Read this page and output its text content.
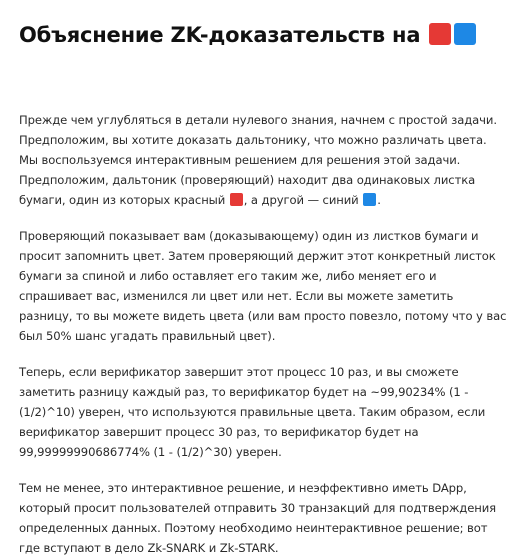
Объяснение ZK-доказательств на

Прежде чем углубляться в детали нулевого знания, начнем с простой задачи. Предположим, вы хотите доказать дальтонику, что можно различать цвета. Мы воспользуемся интерактивным решением для решения этой задачи. Предположим, дальтоник (проверяющий) находит два одинаковых листка бумаги, один из которых красный , а другой — синий .

Проверяющий показывает вам (доказывающему) один из листков бумаги и просит запомнить цвет. Затем проверяющий держит этот конкретный листок бумаги за спиной и либо оставляет его таким же, либо меняет его и спрашивает вас, изменился ли цвет или нет. Если вы можете заметить разницу, то вы можете видеть цвета (или вам просто повезло, потому что у вас был 50% шанс угадать правильный цвет).

Теперь, если верификатор завершит этот процесс 10 раз, и вы сможете заметить разницу каждый раз, то верификатор будет на ~99,90234% (1 - (1/2)^10) уверен, что используются правильные цвета. Таким образом, если верификатор завершит процесс 30 раз, то верификатор будет на 99,99999990686774% (1 - (1/2)^30) уверен.

Тем не менее, это интерактивное решение, и неэффективно иметь DApp, который просит пользователей отправить 30 транзакций для подтверждения определенных данных. Поэтому необходимо неинтерактивное решение; вот где вступают в дело Zk-SNARK и Zk-STARK.
